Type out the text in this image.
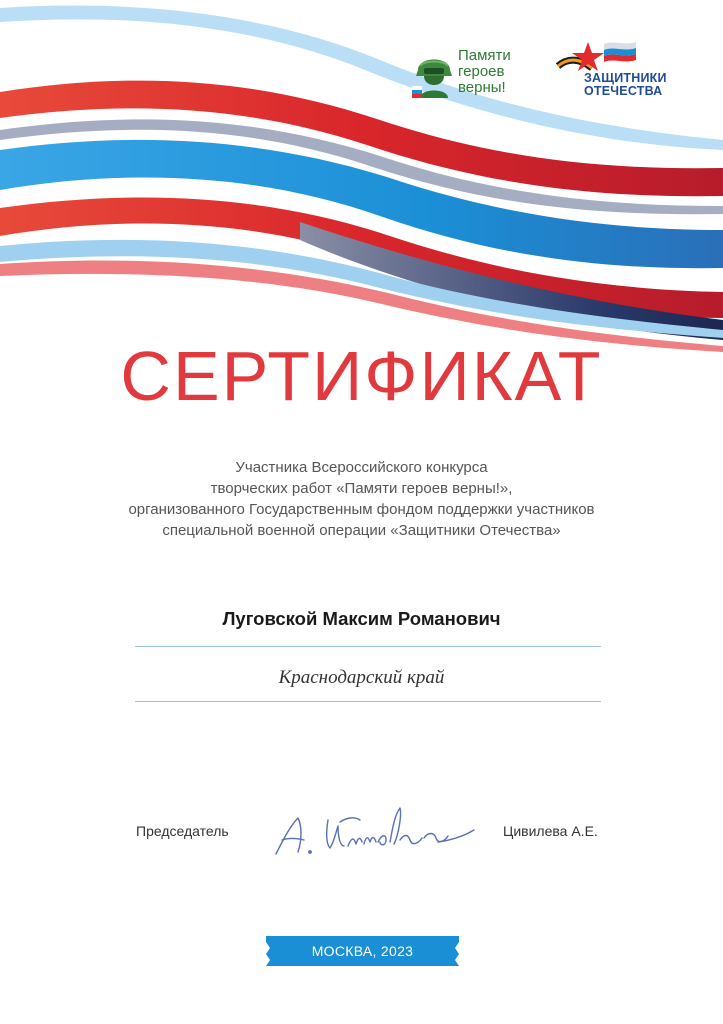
Памяти
героев
верны!
ЗАЩИТНИКИ
ОТЕЧЕСТВА
СЕРТИФИКАТ
Участника Всероссийского конкурса
творческих работ «Памяти героев верны!»,
организованного Государственным фондом поддержки участников
специальной военной операции «Защитники Отечества»
Луговской Максим Романович
Краснодарский край
Председатель	Цивилева А.Е.
МОСКВА, 2023
